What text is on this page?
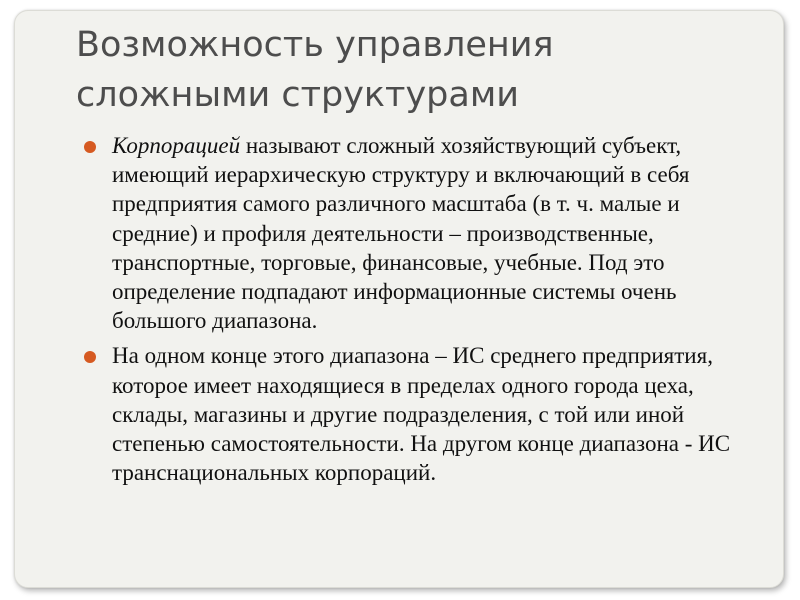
Возможность управления сложными структурами
Корпорацией называют сложный хозяйствующий субъект, имеющий иерархическую структуру и включающий в себя предприятия самого различного масштаба (в т. ч. малые и средние) и профиля деятельности – производственные, транспортные, торговые, финансовые, учебные. Под это определение подпадают информационные системы очень большого диапазона.
На одном конце этого диапазона – ИС среднего предприятия, которое имеет находящиеся в пределах одного города цеха, склады, магазины и другие подразделения, с той или иной степенью самостоятельности. На другом конце диапазона - ИС транснациональных корпораций.
